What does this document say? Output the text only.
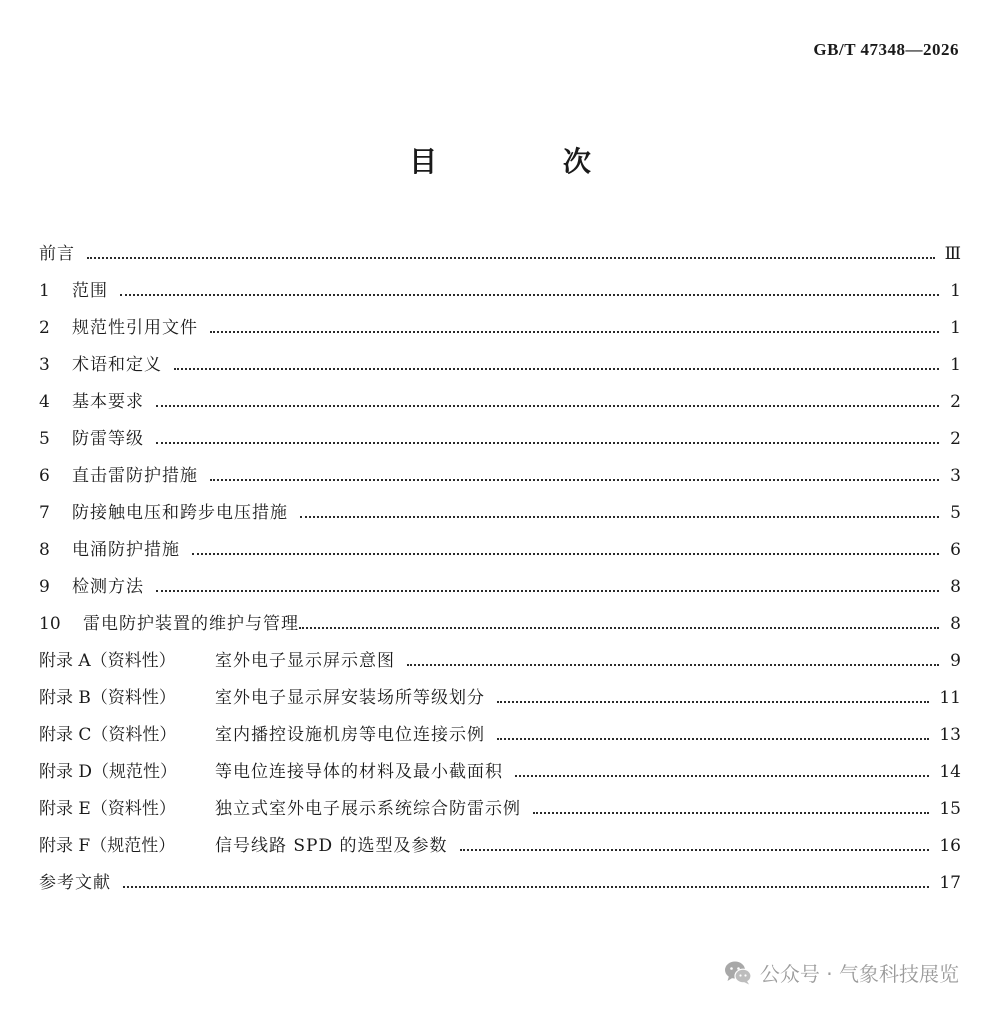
GB/T 47348—2026
目 次
前言	Ⅲ
1	范围	1
2	规范性引用文件	1
3	术语和定义	1
4	基本要求	2
5	防雷等级	2
6	直击雷防护措施	3
7	防接触电压和跨步电压措施	5
8	电涌防护措施	6
9	检测方法	8
10	雷电防护装置的维护与管理	8
附录 A（资料性）	室外电子显示屏示意图	9
附录 B（资料性）	室外电子显示屏安装场所等级划分	11
附录 C（资料性）	室内播控设施机房等电位连接示例	13
附录 D（规范性）	等电位连接导体的材料及最小截面积	14
附录 E（资料性）	独立式室外电子展示系统综合防雷示例	15
附录 F（规范性）	信号线路 SPD 的选型及参数	16
参考文献	17
公众号 · 气象科技展览
